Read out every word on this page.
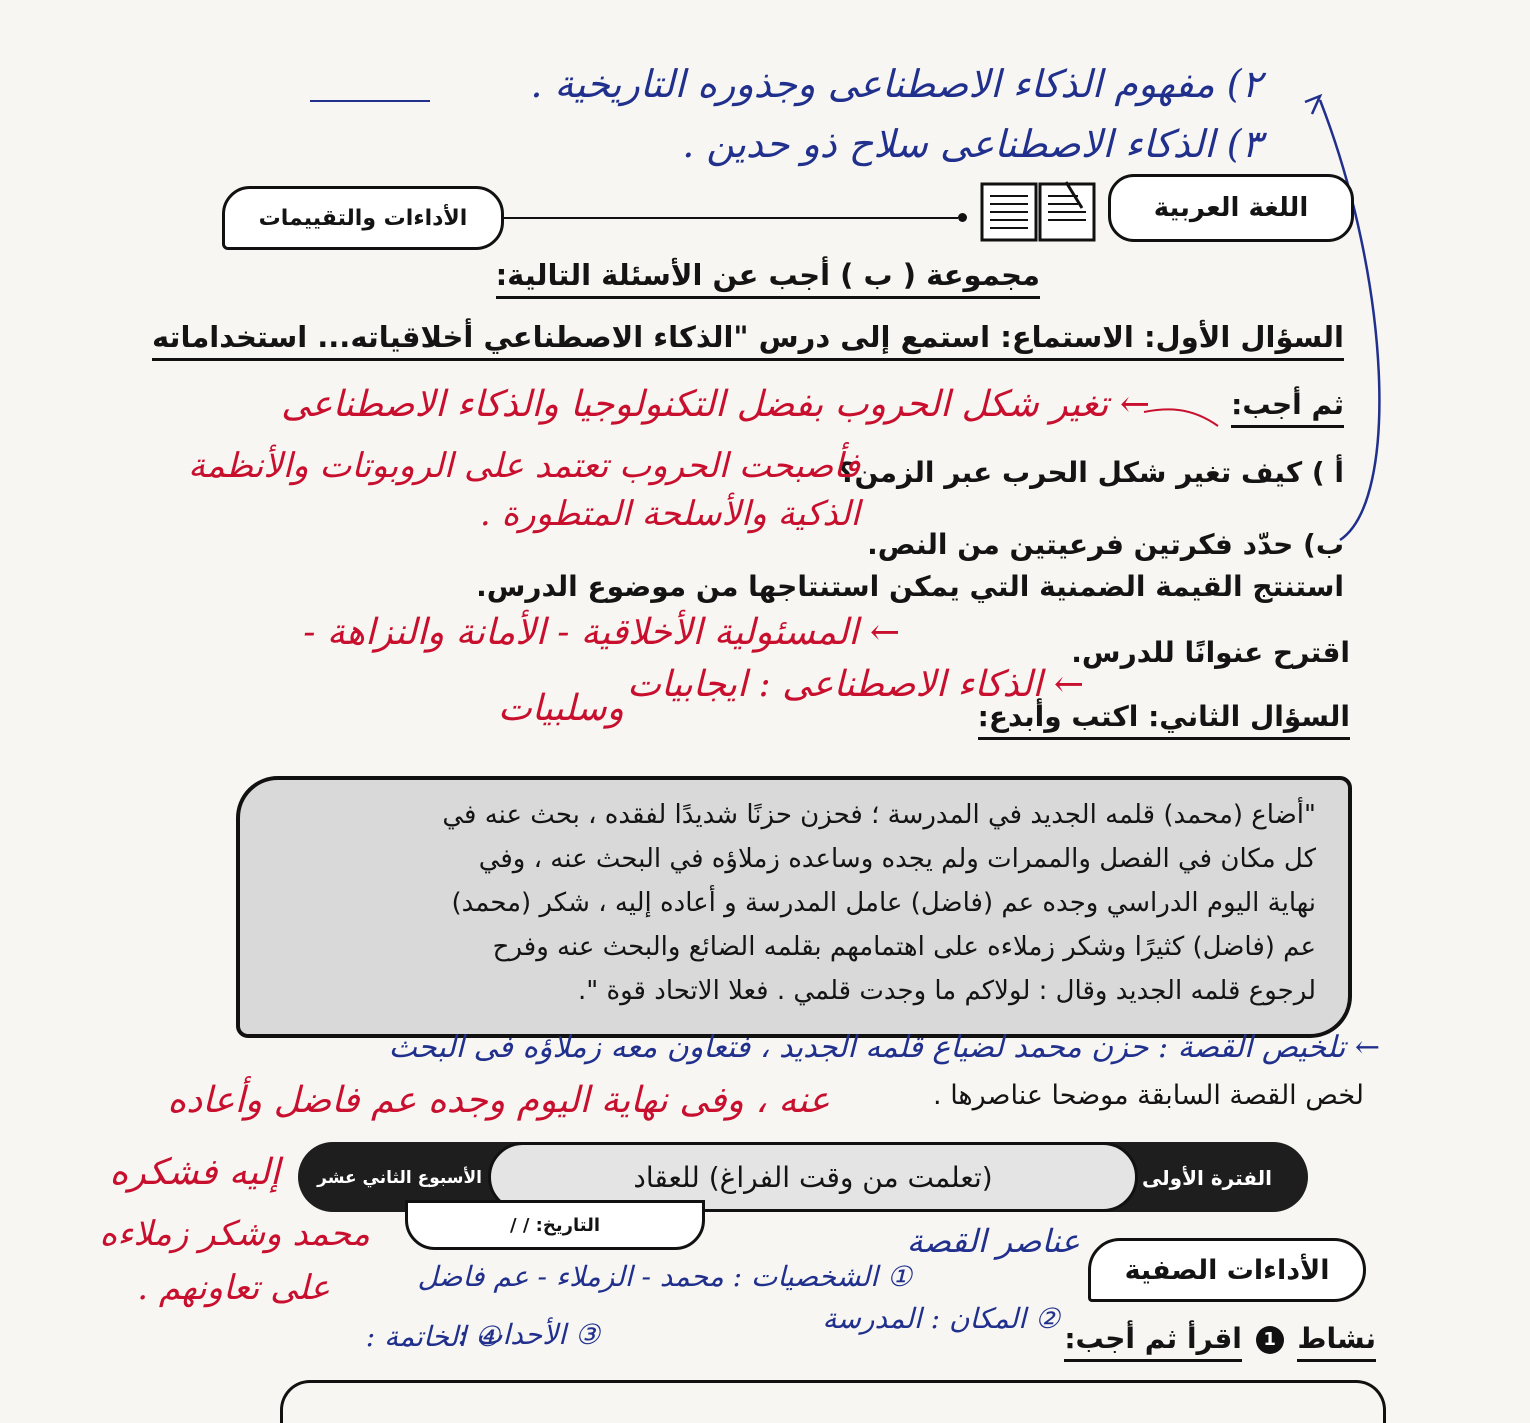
٢) مفهوم الذكاء الاصطناعى وجذوره التاريخية .
٣) الذكاء الاصطناعى سلاح ذو حدين .
اللغة العربية
الأداءات والتقييمات
مجموعة ( ب ) أجب عن الأسئلة التالية:
السؤال الأول: الاستماع: استمع إلى درس "الذكاء الاصطناعي أخلاقياته... استخداماته
ثم أجب:
← تغير شكل الحروب بفضل التكنولوجيا والذكاء الاصطناعى
أ ) كيف تغير شكل الحرب عبر الزمن؟
فأصبحت الحروب تعتمد على الروبوتات والأنظمة
الذكية والأسلحة المتطورة .
ب) حدّد فكرتين فرعيتين من النص.
استنتج القيمة الضمنية التي يمكن استنتاجها من موضوع الدرس.
← المسئولية الأخلاقية - الأمانة والنزاهة -	اقترح عنوانًا للدرس.
← الذكاء الاصطناعى : ايجابيات
وسلبيات	السؤال الثاني: اكتب وأبدع:
"أضاع (محمد) قلمه الجديد في المدرسة ؛ فحزن حزنًا شديدًا لفقده ، بحث عنه في
كل مكان في الفصل والممرات ولم يجده وساعده زملاؤه في البحث عنه ، وفي
نهاية اليوم الدراسي وجده عم (فاضل) عامل المدرسة و أعاده إليه ، شكر (محمد)
عم (فاضل) كثيرًا وشكر زملاءه على اهتمامهم بقلمه الضائع والبحث عنه وفرح
لرجوع قلمه الجديد وقال : لولاكم ما وجدت قلمي . فعلا الاتحاد قوة ".
← تلخيص القصة : حزن محمد لضياع قلمه الجديد ، فتعاون معه زملاؤه فى البحث
لخص القصة السابقة موضحا عناصرها .
عنه ، وفى نهاية اليوم وجده عم فاضل وأعاده
إليه فشكره
محمد وشكر زملاءه
على تعاونهم .
الفترة الأولى
الأسبوع الثاني عشر	(تعلمت من وقت الفراغ) للعقاد
التاريخ: / /
الأداءات الصفية
عناصر القصة
① الشخصيات : محمد - الزملاء - عم فاضل
② المكان : المدرسة
③ الأحداث :
④ الخاتمة :	نشاط 1 اقرأ ثم أجب:
